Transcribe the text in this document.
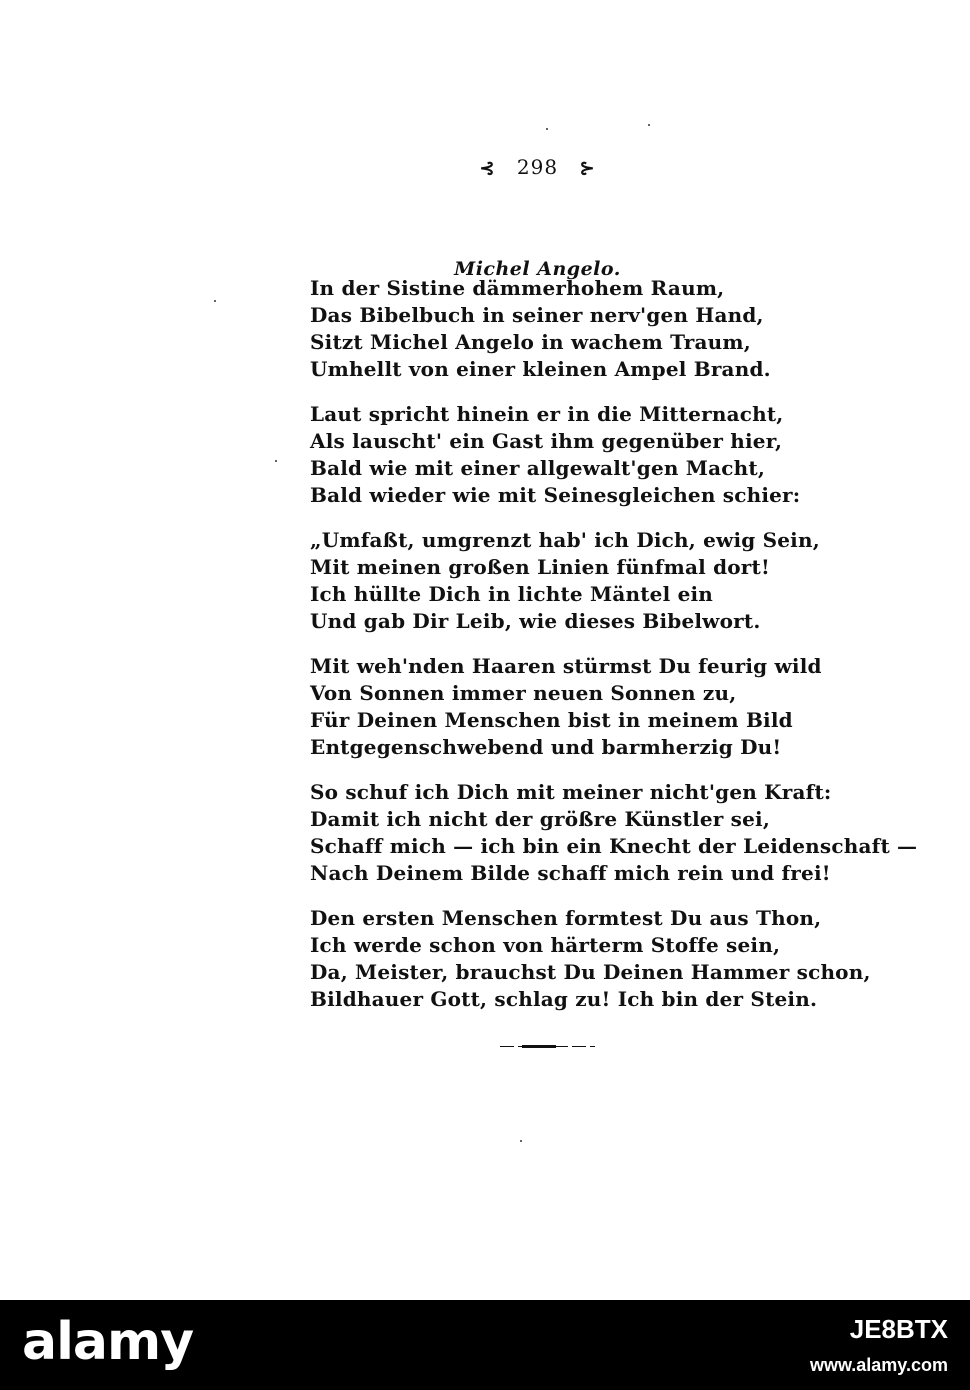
⊰ 298 ⊱
Michel Angelo.
In der Sistine dämmerhohem Raum,
Das Bibelbuch in seiner nerv'gen Hand,
Sitzt Michel Angelo in wachem Traum,
Umhellt von einer kleinen Ampel Brand.
Laut spricht hinein er in die Mitternacht,
Als lauscht' ein Gast ihm gegenüber hier,
Bald wie mit einer allgewalt'gen Macht,
Bald wieder wie mit Seinesgleichen schier:
„Umfaßt, umgrenzt hab' ich Dich, ewig Sein,
Mit meinen großen Linien fünfmal dort!
Ich hüllte Dich in lichte Mäntel ein
Und gab Dir Leib, wie dieses Bibelwort.
Mit weh'nden Haaren stürmst Du feurig wild
Von Sonnen immer neuen Sonnen zu,
Für Deinen Menschen bist in meinem Bild
Entgegenschwebend und barmherzig Du!
So schuf ich Dich mit meiner nicht'gen Kraft:
Damit ich nicht der größre Künstler sei,
Schaff mich — ich bin ein Knecht der Leidenschaft —
Nach Deinem Bilde schaff mich rein und frei!
Den ersten Menschen formtest Du aus Thon,
Ich werde schon von härterm Stoffe sein,
Da, Meister, brauchst Du Deinen Hammer schon,
Bildhauer Gott, schlag zu! Ich bin der Stein.
alamy	JE8BTX
www.alamy.com
